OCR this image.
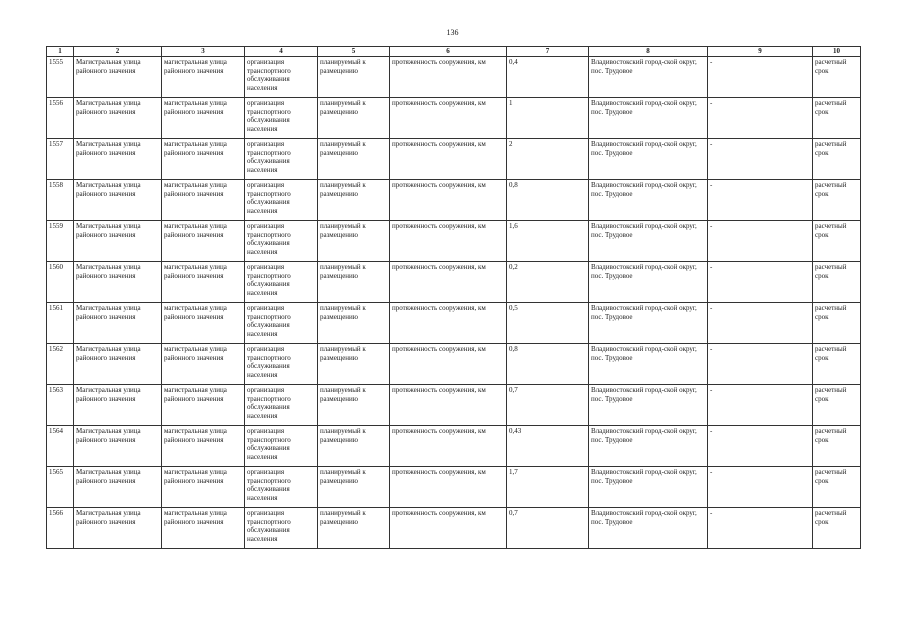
136
1	2	3	4	5	6	7	8	9	10
1555	Магистральная улица районного значения	магистральная улица районного значения	организация транспортного обслуживания населения	планируемый к размещению	протяженность сооружения, км	0,4	Владивостокский город-ской округ, пос. Трудовое	-	расчетный срок
1556	Магистральная улица районного значения	магистральная улица районного значения	организация транспортного обслуживания населения	планируемый к размещению	протяженность сооружения, км	1	Владивостокский город-ской округ, пос. Трудовое	-	расчетный срок
1557	Магистральная улица районного значения	магистральная улица районного значения	организация транспортного обслуживания населения	планируемый к размещению	протяженность сооружения, км	2	Владивостокский город-ской округ, пос. Трудовое	-	расчетный срок
1558	Магистральная улица районного значения	магистральная улица районного значения	организация транспортного обслуживания населения	планируемый к размещению	протяженность сооружения, км	0,8	Владивостокский город-ской округ, пос. Трудовое	-	расчетный срок
1559	Магистральная улица районного значения	магистральная улица районного значения	организация транспортного обслуживания населения	планируемый к размещению	протяженность сооружения, км	1,6	Владивостокский город-ской округ, пос. Трудовое	-	расчетный срок
1560	Магистральная улица районного значения	магистральная улица районного значения	организация транспортного обслуживания населения	планируемый к размещению	протяженность сооружения, км	0,2	Владивостокский город-ской округ, пос. Трудовое	-	расчетный срок
1561	Магистральная улица районного значения	магистральная улица районного значения	организация транспортного обслуживания населения	планируемый к размещению	протяженность сооружения, км	0,5	Владивостокский город-ской округ, пос. Трудовое	-	расчетный срок
1562	Магистральная улица районного значения	магистральная улица районного значения	организация транспортного обслуживания населения	планируемый к размещению	протяженность сооружения, км	0,8	Владивостокский город-ской округ, пос. Трудовое	-	расчетный срок
1563	Магистральная улица районного значения	магистральная улица районного значения	организация транспортного обслуживания населения	планируемый к размещению	протяженность сооружения, км	0,7	Владивостокский город-ской округ, пос. Трудовое	-	расчетный срок
1564	Магистральная улица районного значения	магистральная улица районного значения	организация транспортного обслуживания населения	планируемый к размещению	протяженность сооружения, км	0,43	Владивостокский город-ской округ, пос. Трудовое	-	расчетный срок
1565	Магистральная улица районного значения	магистральная улица районного значения	организация транспортного обслуживания населения	планируемый к размещению	протяженность сооружения, км	1,7	Владивостокский город-ской округ, пос. Трудовое	-	расчетный срок
1566	Магистральная улица районного значения	магистральная улица районного значения	организация транспортного обслуживания населения	планируемый к размещению	протяженность сооружения, км	0,7	Владивостокский город-ской округ, пос. Трудовое	-	расчетный срок
